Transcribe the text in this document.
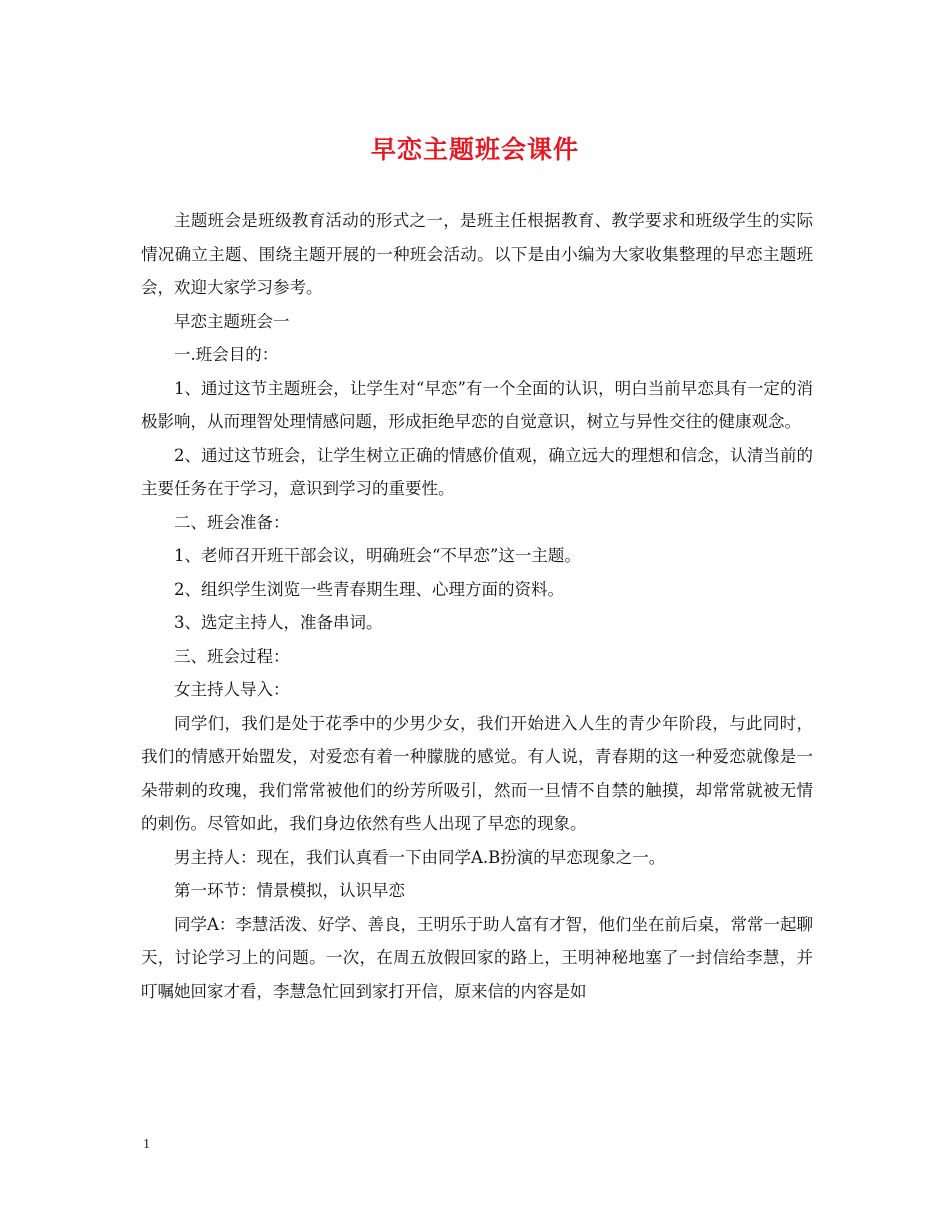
早恋主题班会课件

主题班会是班级教育活动的形式之一，是班主任根据教育、教学要求和班级学生的实际情况确立主题、围绕主题开展的一种班会活动。以下是由小编为大家收集整理的早恋主题班会，欢迎大家学习参考。

早恋主题班会一

一.班会目的：

1、通过这节主题班会，让学生对“早恋”有一个全面的认识，明白当前早恋具有一定的消极影响，从而理智处理情感问题，形成拒绝早恋的自觉意识，树立与异性交往的健康观念。

2、通过这节班会，让学生树立正确的情感价值观，确立远大的理想和信念，认清当前的主要任务在于学习，意识到学习的重要性。

二、班会准备：

1、老师召开班干部会议，明确班会“不早恋”这一主题。

2、组织学生浏览一些青春期生理、心理方面的资料。

3、选定主持人，准备串词。

三、班会过程：

女主持人导入：

同学们，我们是处于花季中的少男少女，我们开始进入人生的青少年阶段，与此同时，我们的情感开始盟发，对爱恋有着一种朦胧的感觉。有人说，青春期的这一种爱恋就像是一朵带刺的玫瑰，我们常常被他们的纷芳所吸引，然而一旦情不自禁的触摸，却常常就被无情的刺伤。尽管如此，我们身边依然有些人出现了早恋的现象。

男主持人：现在，我们认真看一下由同学A.B扮演的早恋现象之一。

第一环节：情景模拟，认识早恋

同学A：李慧活泼、好学、善良，王明乐于助人富有才智，他们坐在前后桌，常常一起聊天，讨论学习上的问题。一次，在周五放假回家的路上，王明神秘地塞了一封信给李慧，并叮嘱她回家才看，李慧急忙回到家打开信，原来信的内容是如

1
